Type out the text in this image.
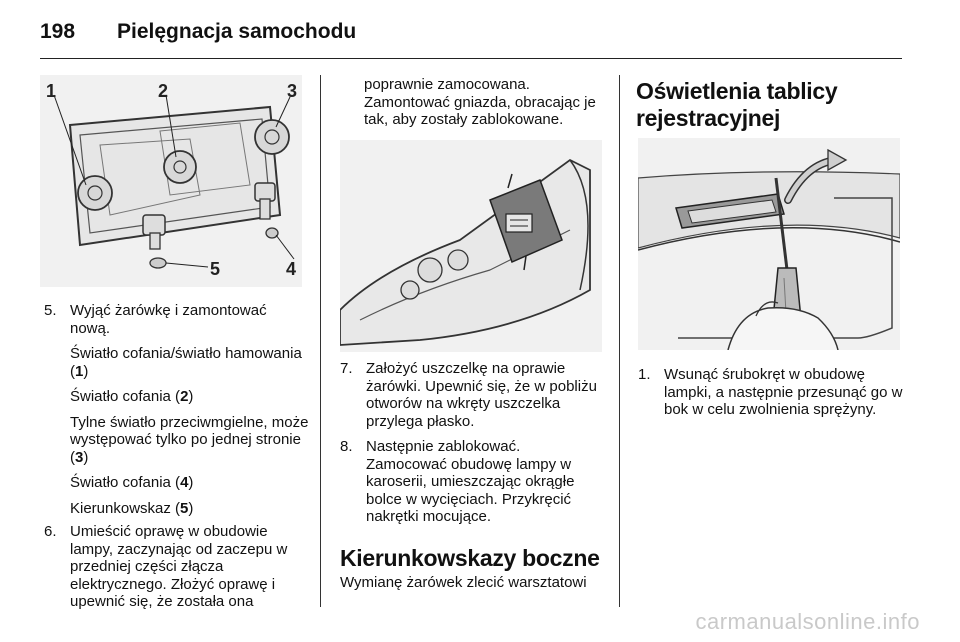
198 Pielęgnacja samochodu
1	2	3
4
5
5. Wyjąć żarówkę i zamontować nową.
Światło cofania/światło hamowania (1)
Światło cofania (2)
Tylne światło przeciwmgielne, może występować tylko po jednej stronie (3)
Światło cofania (4)
Kierunkowskaz (5)
6. Umieścić oprawę w obudowie lampy, zaczynając od zaczepu w przedniej części złącza elektrycznego. Złożyć oprawę i upewnić się, że została ona
poprawnie zamocowana. Zamontować gniazda, obracając je tak, aby zostały zablokowane.
7. Założyć uszczelkę na oprawie żarówki. Upewnić się, że w pobliżu otworów na wkręty uszczelka przylega płasko.
8. Następnie zablokować. Zamocować obudowę lampy w karoserii, umieszczając okrągłe bolce w wycięciach. Przykręcić nakrętki mocujące.
Kierunkowskazy boczne
Wymianę żarówek zlecić warsztatowi
Oświetlenia tablicy
rejestracyjnej
1. Wsunąć śrubokręt w obudowę lampki, a następnie przesunąć go w bok w celu zwolnienia sprężyny.
carmanualsonline.info
